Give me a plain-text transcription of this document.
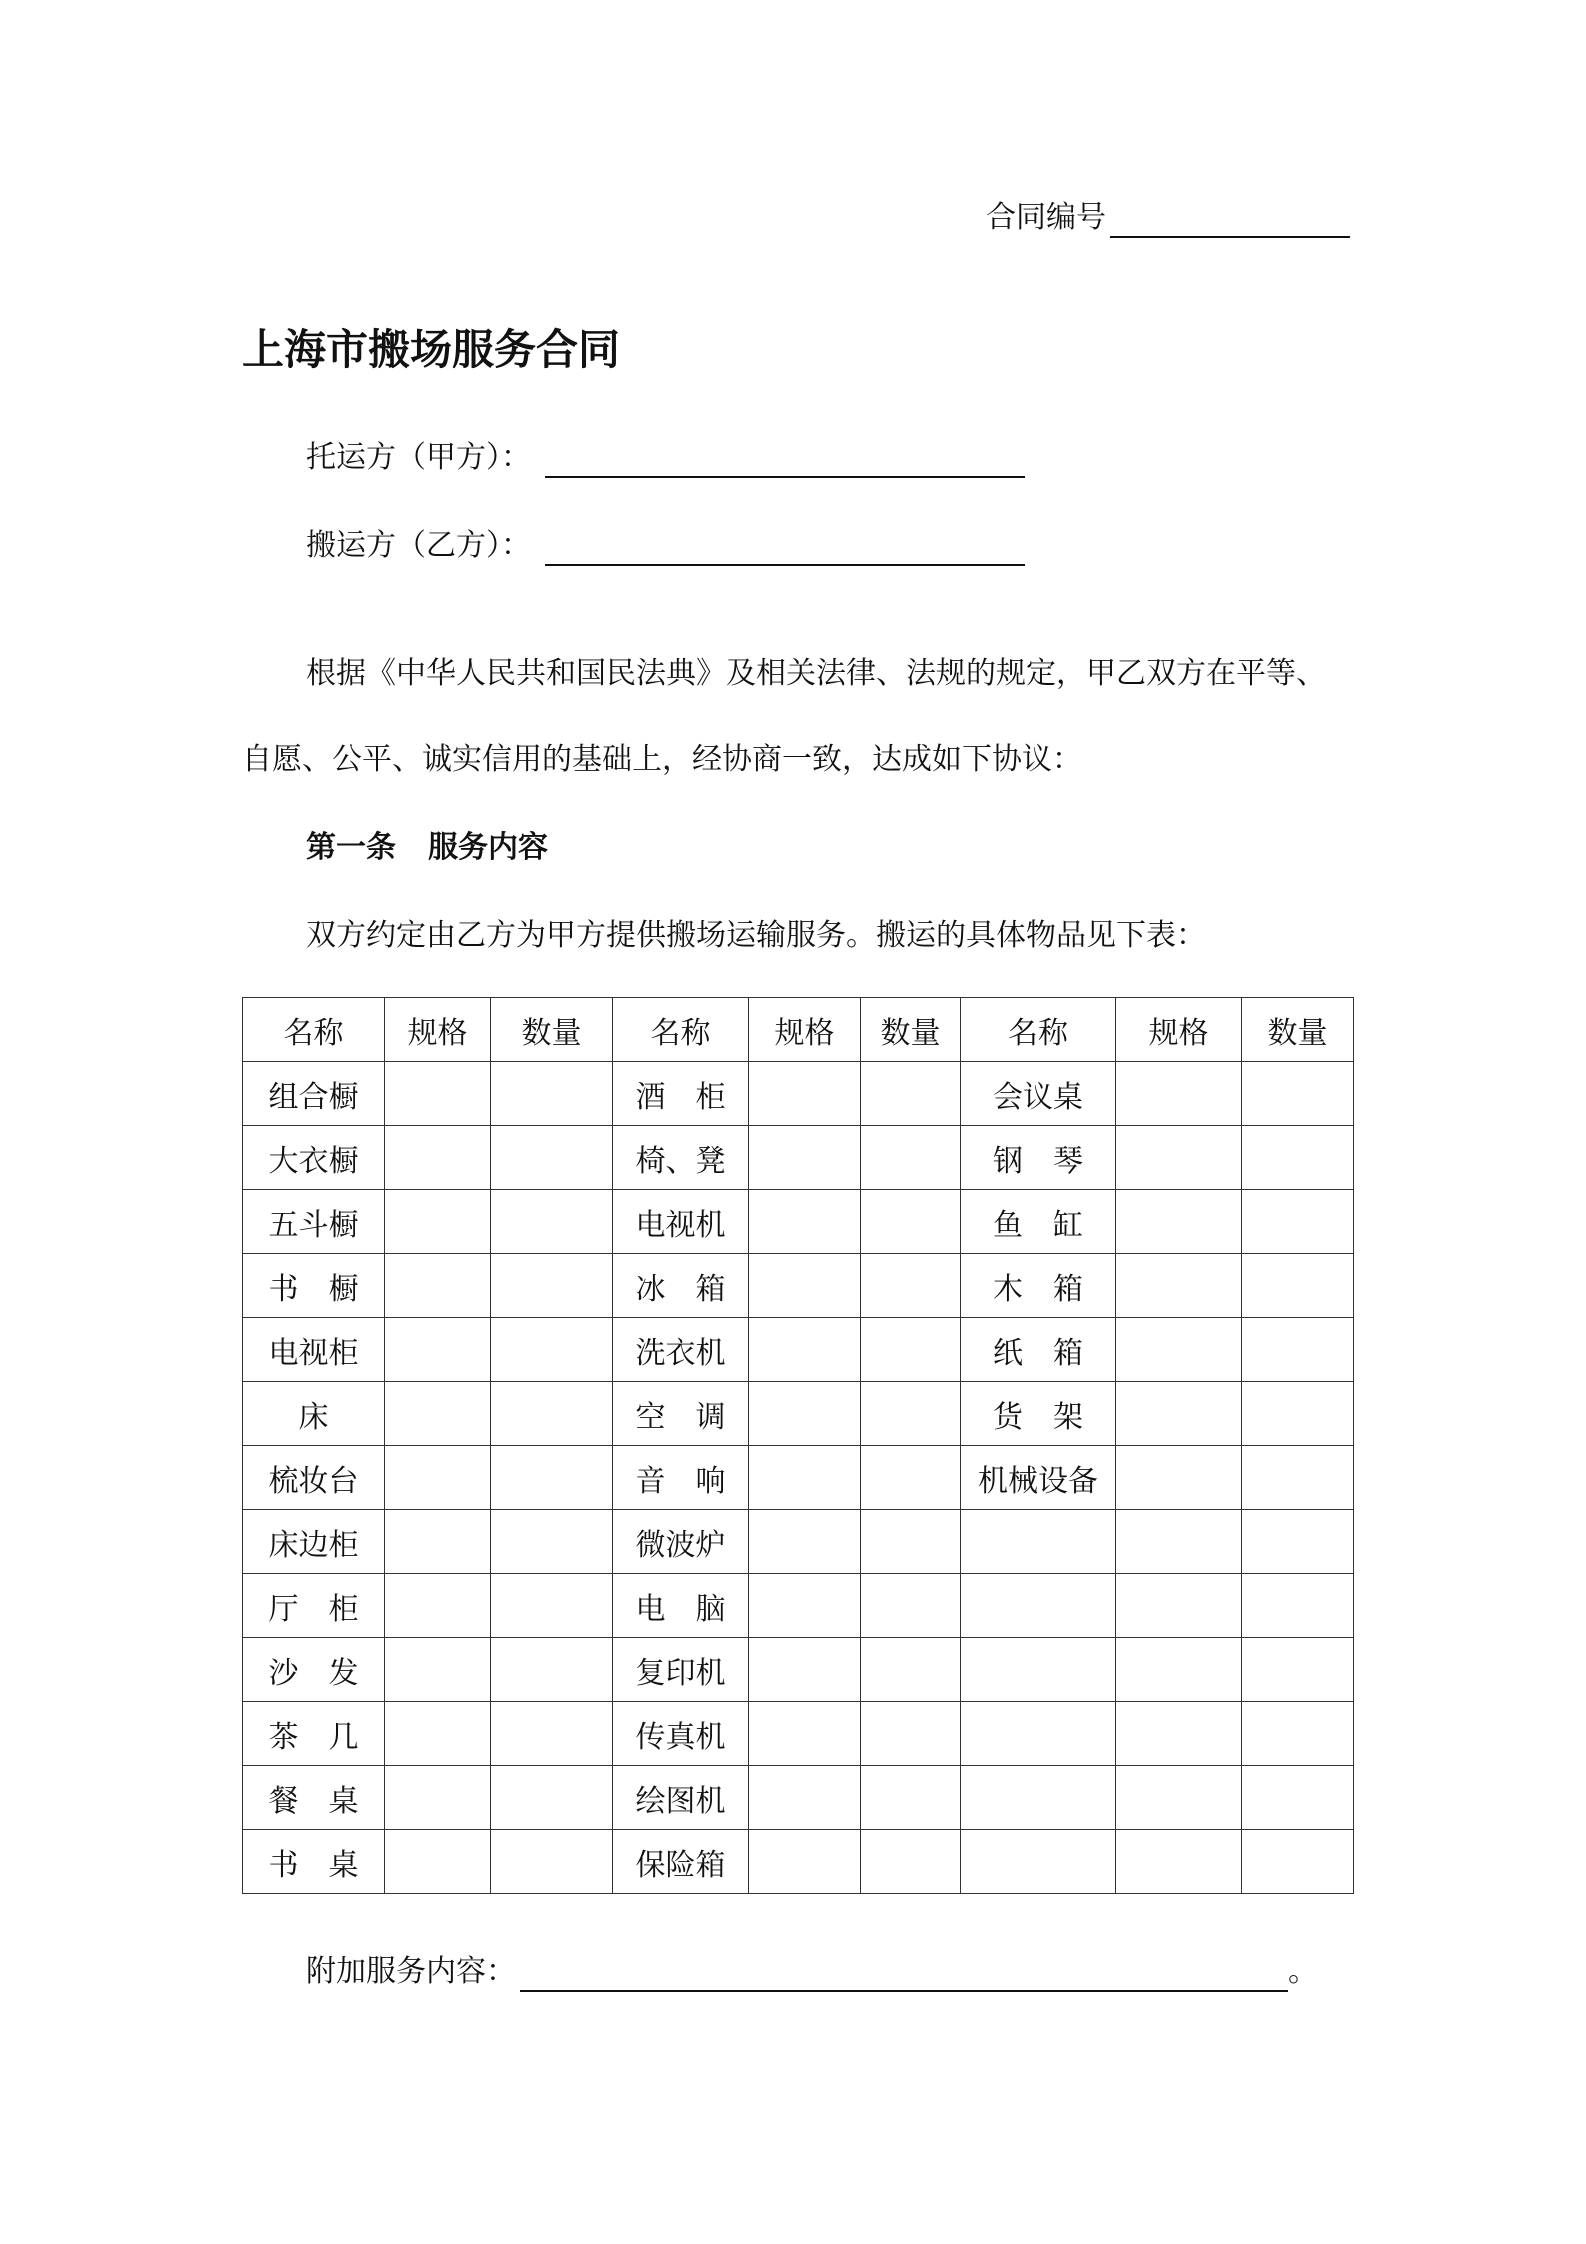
合同编号
上海市搬场服务合同
托运方（甲方）：
搬运方（乙方）：
根据《中华人民共和国民法典》及相关法律、法规的规定，甲乙双方在平等、
自愿、公平、诚实信用的基础上，经协商一致，达成如下协议：
第一条 服务内容
双方约定由乙方为甲方提供搬场运输服务。搬运的具体物品见下表：
名称	规格	数量	名称	规格	数量	名称	规格	数量
组合橱			酒　柜			会议桌		
大衣橱			椅、凳			钢　琴		
五斗橱			电视机			鱼　缸		
书　橱			冰　箱			木　箱		
电视柜			洗衣机			纸　箱		
床			空　调			货　架		
梳妆台			音　响			机械设备		
床边柜			微波炉					
厅　柜			电　脑					
沙　发			复印机					
茶　几			传真机					
餐　桌			绘图机					
书　桌			保险箱					
附加服务内容：	。
